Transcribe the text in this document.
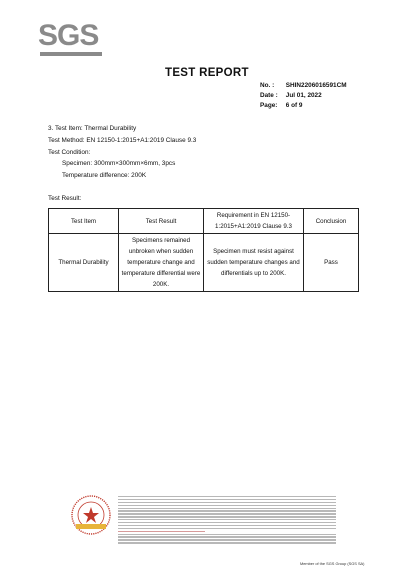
SGS
TEST REPORT
No. : SHIN2206016591CM
Date : Jul 01, 2022
Page: 6 of 9
3. Test Item: Thermal Durability
Test Method: EN 12150-1:2015+A1:2019 Clause 9.3
Test Condition:
Specimen: 300mm×300mm×6mm, 3pcs
Temperature difference: 200K
Test Result:
Test Item	Test Result	Requirement in EN 12150-1:2015+A1:2019 Clause 9.3	Conclusion
Thermal Durability	Specimens remained unbroken when sudden temperature change and temperature differential were 200K.	Specimen must resist against sudden temperature changes and differentials up to 200K.	Pass
Member of the SGS Group (SGS SA)
